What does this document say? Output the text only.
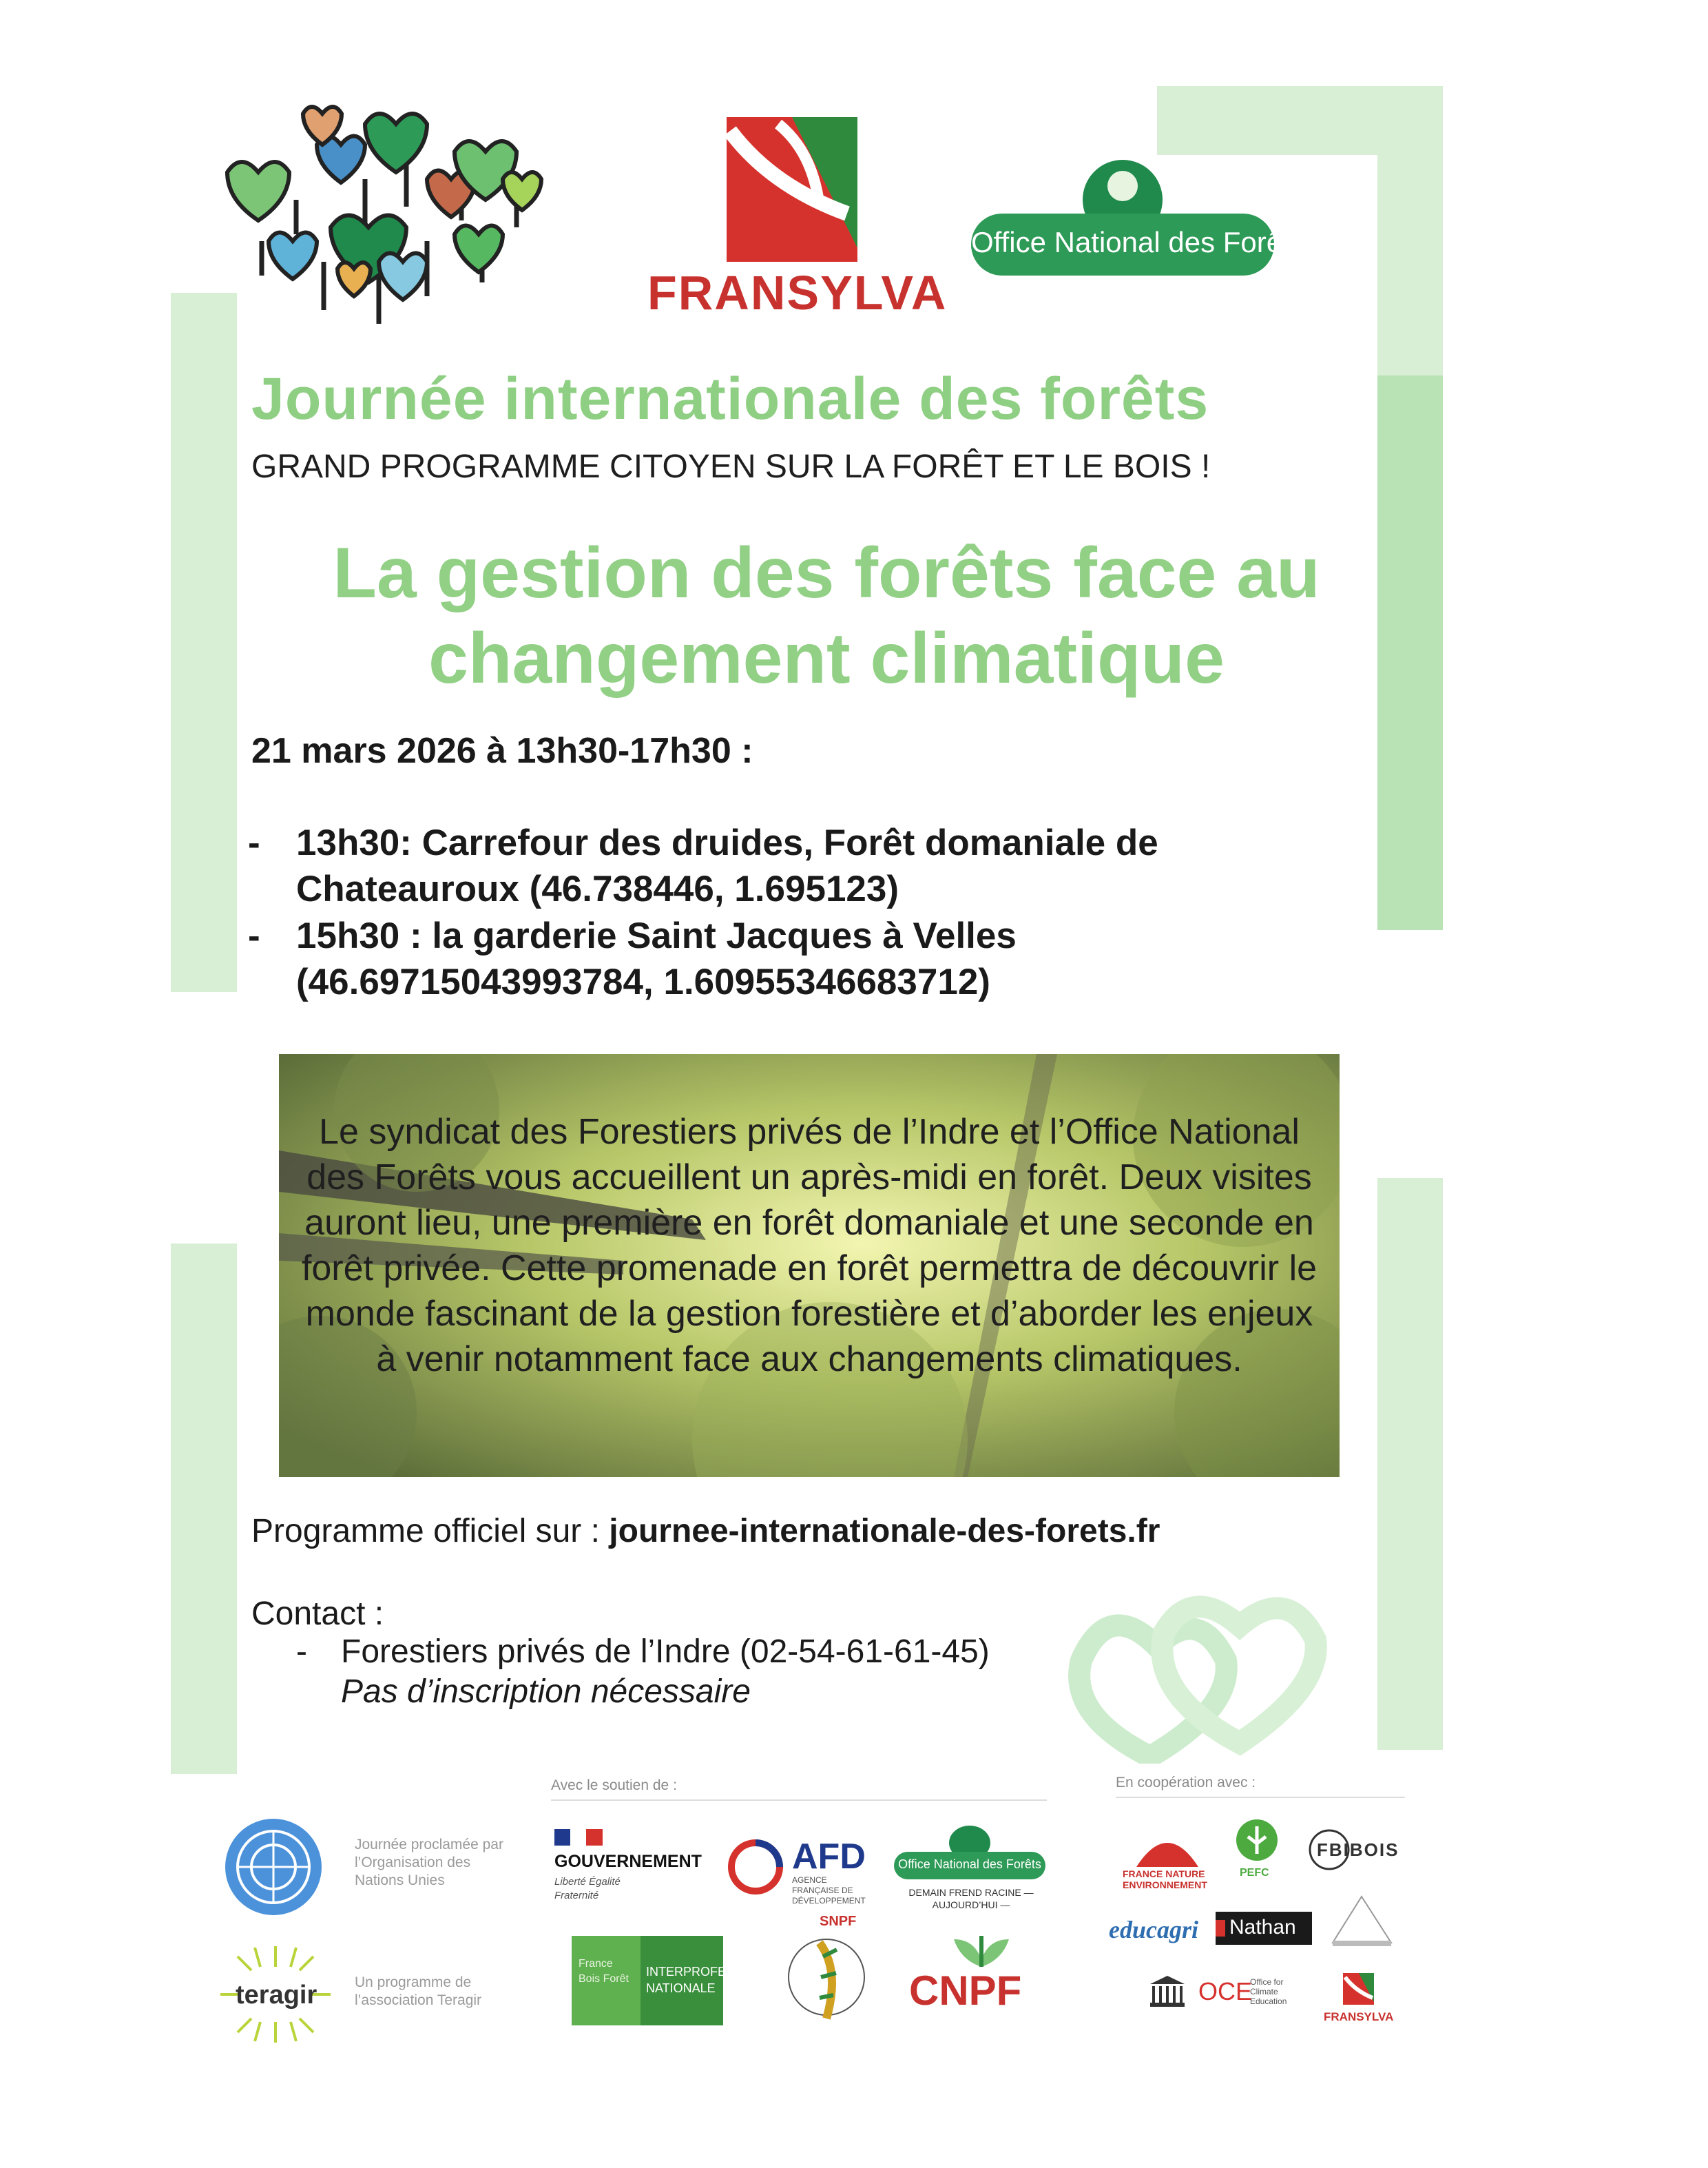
FRANSYLVA
Office National des Forêts
Journée internationale des forêts
GRAND PROGRAMME CITOYEN SUR LA FORÊT ET LE BOIS !
La gestion des forêts face au
changement climatique
21 mars 2026 à 13h30-17h30 :
- 13h30: Carrefour des druides, Forêt domaniale de
Chateauroux (46.738446, 1.695123)
- 15h30 : la garderie Saint Jacques à Velles
(46.69715043993784, 1.60955346683712)
Le syndicat des Forestiers privés de l’Indre et l’Office National des Forêts vous accueillent un après-midi en forêt. Deux visites auront lieu, une première en forêt domaniale et une seconde en forêt privée. Cette promenade en forêt permettra de découvrir le monde fascinant de la gestion forestière et d’aborder les enjeux à venir notamment face aux changements climatiques.
Programme officiel sur : journee-internationale-des-forets.fr
Contact :
- Forestiers privés de l’Indre (02-54-61-61-45)
Pas d’inscription nécessaire
Avec le soutien de :	En coopération avec :
Journée proclamée par l’Organisation des Nations Unies
teragir	Un programme de l’association Teragir
GOUVERNEMENT
Liberté Égalité Fraternité
AFD
AGENCE FRANÇAISE DE DÉVELOPPEMENT
Office National des Forêts
DEMAIN FREND RACINE — AUJOURD’HUI —
France Bois Forêt
INTERPROFESSION NATIONALE
SNPF
CNPF
FRANCE NATURE ENVIRONNEMENT
PEFC
FBIBOIS
educagri Nathan
OCE
Office for Climate Education
FRANSYLVA
